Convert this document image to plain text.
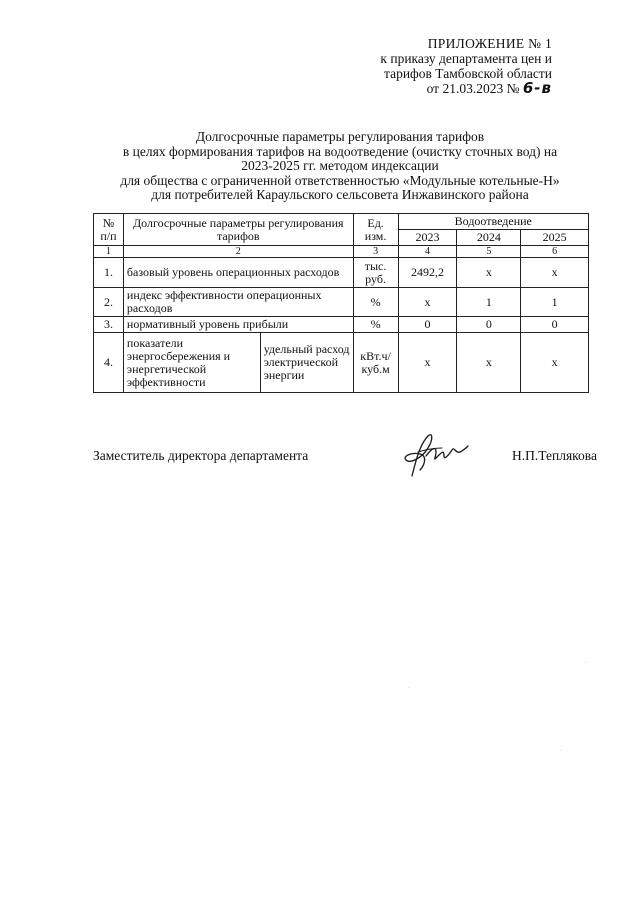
ПРИЛОЖЕНИЕ № 1
к приказу департамента цен и
тарифов Тамбовской области
от 21.03.2023 № 6-в
Долгосрочные параметры регулирования тарифов
в целях формирования тарифов на водоотведение (очистку сточных вод) на
2023-2025 гг. методом индексации
для общества с ограниченной ответственностью «Модульные котельные-Н»
для потребителей Караульского сельсовета Инжавинского района
№ п/п	Долгосрочные параметры регулирования тарифов		Ед. изм.	Водоотведение		
				2023	2024	2025
1	2		3	4	5	6
1.	базовый уровень операционных расходов		тыс. руб.	2492,2	х	х
2.	индекс эффективности операционных расходов		%	х	1	1
3.	нормативный уровень прибыли		%	0	0	0
4.	показатели энергосбережения и энергетической эффективности	удельный расход электрической энергии	кВт.ч/ куб.м	х	х	х
Заместитель директора департамента	Н.П.Теплякова
·
·
·
